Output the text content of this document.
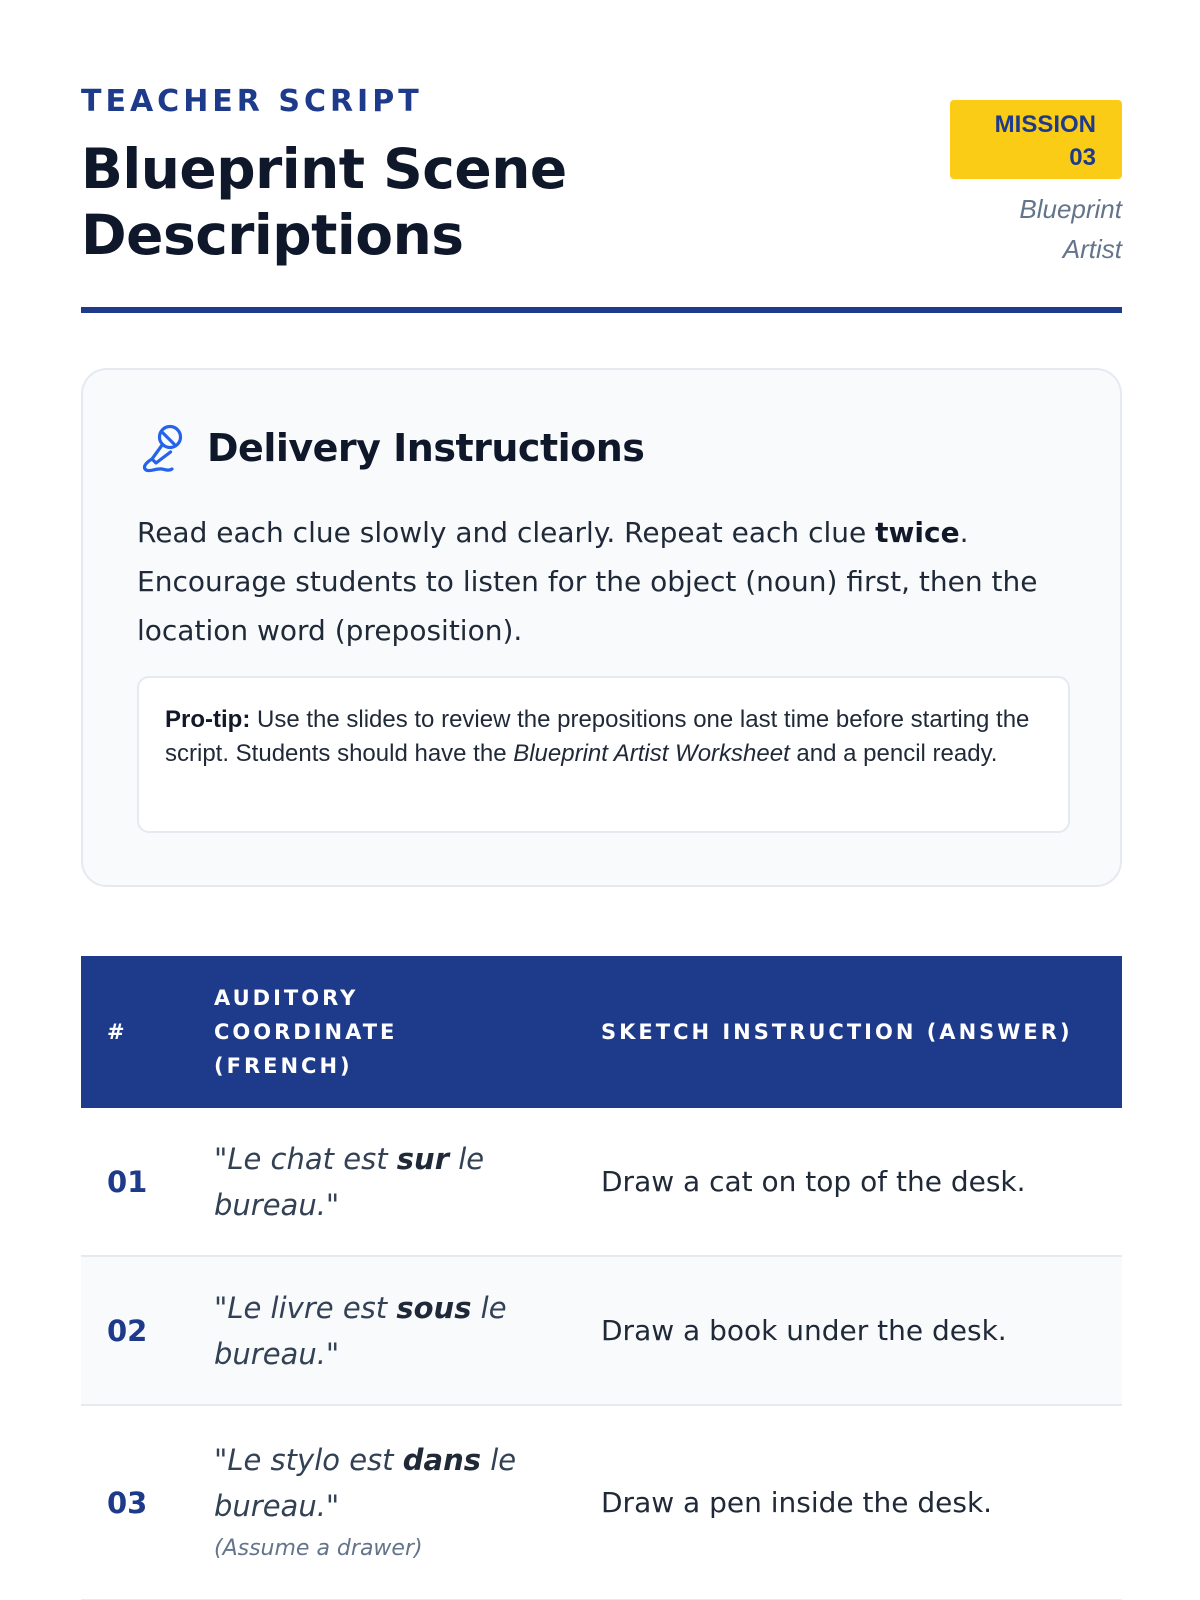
TEACHER SCRIPT
Blueprint Scene Descriptions
MISSION
03
Blueprint Artist
Delivery Instructions
Read each clue slowly and clearly. Repeat each clue twice. Encourage students to listen for the object (noun) first, then the location word (preposition).
Pro-tip: Use the slides to review the prepositions one last time before starting the script. Students should have the Blueprint Artist Worksheet and a pencil ready.
#
AUDITORY COORDINATE (FRENCH)
SKETCH INSTRUCTION (ANSWER)
01
"Le chat est sur le bureau."
Draw a cat on top of the desk.
02
"Le livre est sous le bureau."
Draw a book under the desk.
03
"Le stylo est dans le bureau."
(Assume a drawer)
Draw a pen inside the desk.
